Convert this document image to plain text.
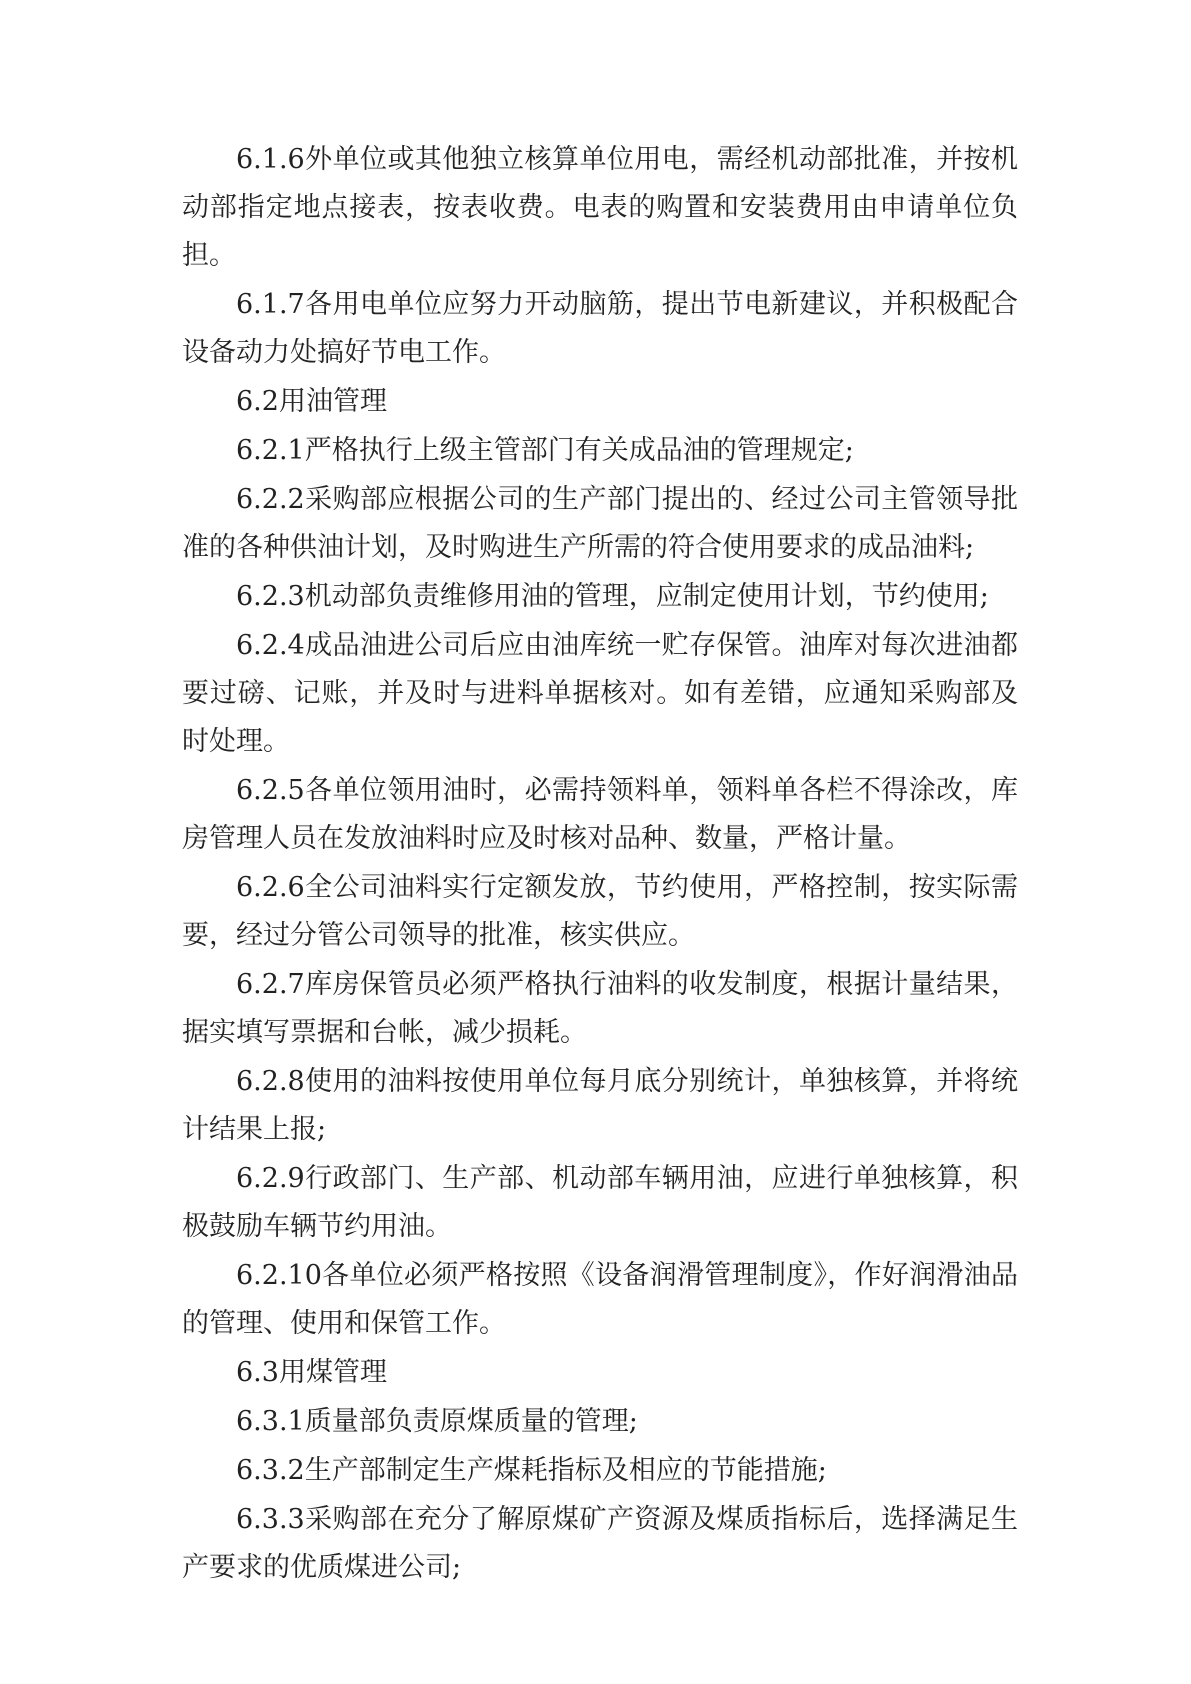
6.1.6外单位或其他独立核算单位用电，需经机动部批准，并按机动部指定地点接表，按表收费。电表的购置和安装费用由申请单位负担。

6.1.7各用电单位应努力开动脑筋，提出节电新建议，并积极配合设备动力处搞好节电工作。

6.2用油管理

6.2.1严格执行上级主管部门有关成品油的管理规定;

6.2.2采购部应根据公司的生产部门提出的、经过公司主管领导批准的各种供油计划，及时购进生产所需的符合使用要求的成品油料;

6.2.3机动部负责维修用油的管理，应制定使用计划，节约使用;

6.2.4成品油进公司后应由油库统一贮存保管。油库对每次进油都要过磅、记账，并及时与进料单据核对。如有差错，应通知采购部及时处理。

6.2.5各单位领用油时，必需持领料单，领料单各栏不得涂改，库房管理人员在发放油料时应及时核对品种、数量，严格计量。

6.2.6全公司油料实行定额发放，节约使用，严格控制，按实际需要，经过分管公司领导的批准，核实供应。

6.2.7库房保管员必须严格执行油料的收发制度，根据计量结果，据实填写票据和台帐，减少损耗。

6.2.8使用的油料按使用单位每月底分别统计，单独核算，并将统计结果上报;

6.2.9行政部门、生产部、机动部车辆用油，应进行单独核算，积极鼓励车辆节约用油。

6.2.10各单位必须严格按照《设备润滑管理制度》，作好润滑油品的管理、使用和保管工作。

6.3用煤管理

6.3.1质量部负责原煤质量的管理;

6.3.2生产部制定生产煤耗指标及相应的节能措施;

6.3.3采购部在充分了解原煤矿产资源及煤质指标后，选择满足生产要求的优质煤进公司;
